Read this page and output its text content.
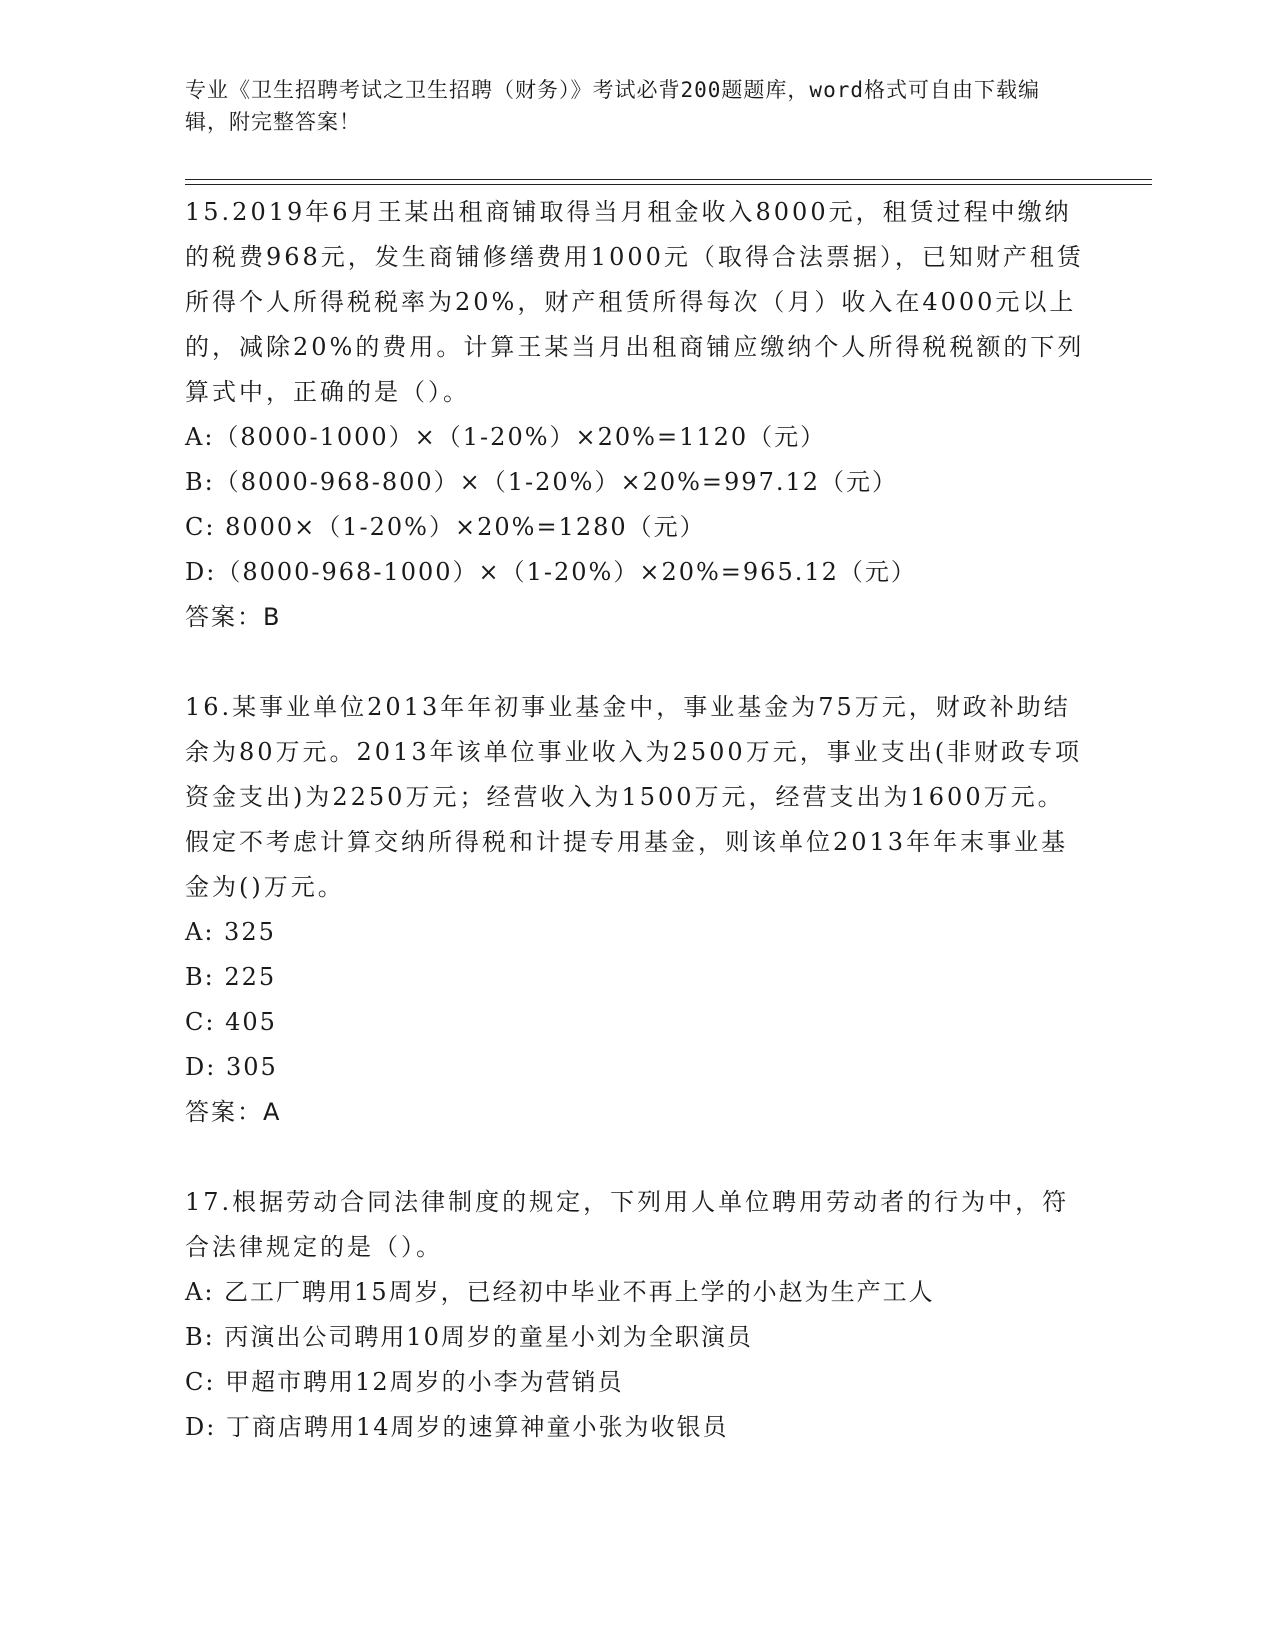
专业《卫生招聘考试之卫生招聘（财务）》考试必背200题题库，word格式可自由下载编辑，附完整答案！

15.2019年6月王某出租商铺取得当月租金收入8000元，租赁过程中缴纳的税费968元，发生商铺修缮费用1000元（取得合法票据），已知财产租赁所得个人所得税税率为20%，财产租赁所得每次（月）收入在4000元以上的，减除20%的费用。计算王某当月出租商铺应缴纳个人所得税税额的下列算式中，正确的是（）。

A:（8000-1000）×（1-20%）×20%=1120（元）

B:（8000-968-800）×（1-20%）×20%=997.12（元）

C: 8000×（1-20%）×20%=1280（元）

D:（8000-968-1000）×（1-20%）×20%=965.12（元）

答案：B

16.某事业单位2013年年初事业基金中，事业基金为75万元，财政补助结余为80万元。2013年该单位事业收入为2500万元，事业支出(非财政专项资金支出)为2250万元；经营收入为1500万元，经营支出为1600万元。假定不考虑计算交纳所得税和计提专用基金，则该单位2013年年末事业基金为()万元。

A: 325

B: 225

C: 405

D: 305

答案：A

17.根据劳动合同法律制度的规定，下列用人单位聘用劳动者的行为中，符合法律规定的是（）。

A: 乙工厂聘用15周岁，已经初中毕业不再上学的小赵为生产工人

B: 丙演出公司聘用10周岁的童星小刘为全职演员

C: 甲超市聘用12周岁的小李为营销员

D: 丁商店聘用14周岁的速算神童小张为收银员
